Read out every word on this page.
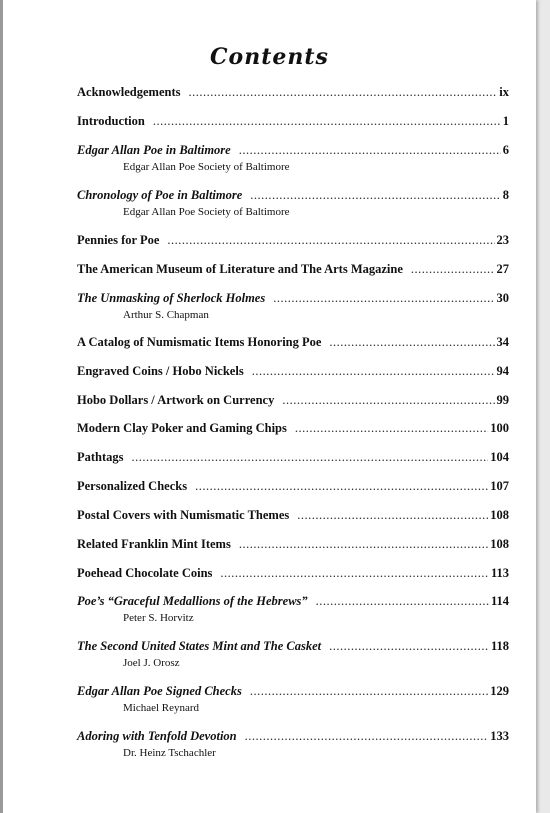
Contents
Acknowledgements .....	ix
Introduction .....	1
Edgar Allan Poe in Baltimore .....	6
Edgar Allan Poe Society of Baltimore
Chronology of Poe in Baltimore .....	8
Edgar Allan Poe Society of Baltimore
Pennies for Poe .....	23
The American Museum of Literature and The Arts Magazine .....	27
The Unmasking of Sherlock Holmes .....	30
Arthur S. Chapman
A Catalog of Numismatic Items Honoring Poe .....	34
Engraved Coins / Hobo Nickels .....	94
Hobo Dollars / Artwork on Currency .....	99
Modern Clay Poker and Gaming Chips .....	100
Pathtags .....	104
Personalized Checks .....	107
Postal Covers with Numismatic Themes .....	108
Related Franklin Mint Items .....	108
Poehead Chocolate Coins .....	113
Poe’s “Graceful Medallions of the Hebrews” .....	114
Peter S. Horvitz
The Second United States Mint and The Casket .....	118
Joel J. Orosz
Edgar Allan Poe Signed Checks .....	129
Michael Reynard
Adoring with Tenfold Devotion .....	133
Dr. Heinz Tschachler
